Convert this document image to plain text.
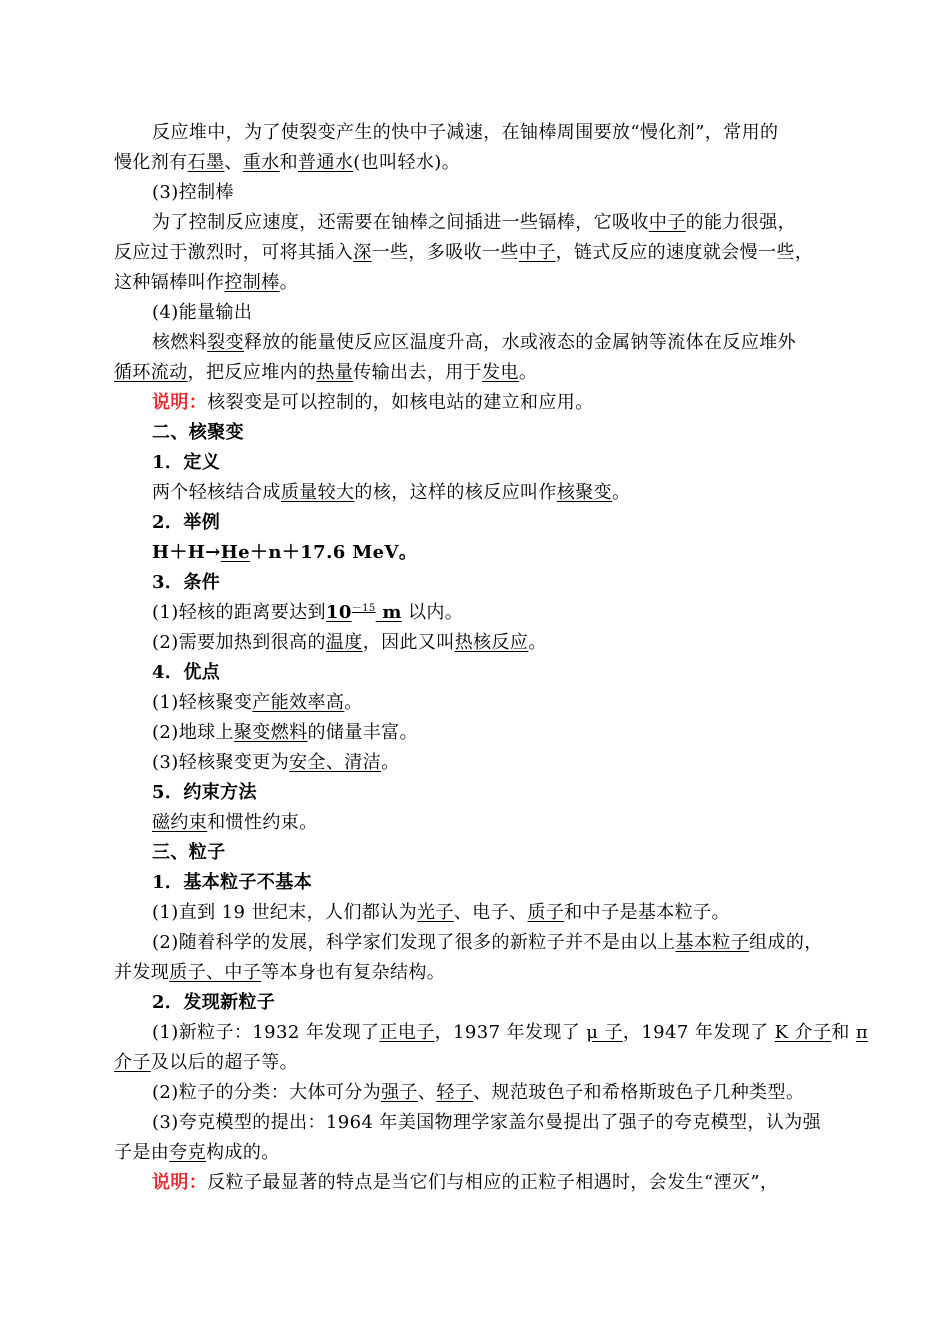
反应堆中，为了使裂变产生的快中子减速，在铀棒周围要放“慢化剂”，常用的
慢化剂有石墨、重水和普通水(也叫轻水)。
(3)控制棒
为了控制反应速度，还需要在铀棒之间插进一些镉棒，它吸收中子的能力很强，
反应过于激烈时，可将其插入深一些，多吸收一些中子，链式反应的速度就会慢一些，
这种镉棒叫作控制棒。
(4)能量输出
核燃料裂变释放的能量使反应区温度升高，水或液态的金属钠等流体在反应堆外
循环流动，把反应堆内的热量传输出去，用于发电。
说明：核裂变是可以控制的，如核电站的建立和应用。
二、核聚变
1．定义
两个轻核结合成质量较大的核，这样的核反应叫作核聚变。
2．举例
H＋H→He＋n＋17.6 MeV。
3．条件
(1)轻核的距离要达到$10^{-15}$ m 以内。
(2)需要加热到很高的温度，因此又叫热核反应。
4．优点
(1)轻核聚变产能效率高。
(2)地球上聚变燃料的储量丰富。
(3)轻核聚变更为安全、清洁。
5．约束方法
磁约束和惯性约束。
三、粒子
1．基本粒子不基本
(1)直到 19 世纪末，人们都认为光子、电子、质子和中子是基本粒子。
(2)随着科学的发展，科学家们发现了很多的新粒子并不是由以上基本粒子组成的，
并发现质子、中子等本身也有复杂结构。
2．发现新粒子
(1)新粒子：1932 年发现了正电子，1937 年发现了 μ 子，1947 年发现了 K 介子和 π
介子及以后的超子等。
(2)粒子的分类：大体可分为强子、轻子、规范玻色子和希格斯玻色子几种类型。
(3)夸克模型的提出：1964 年美国物理学家盖尔曼提出了强子的夸克模型，认为强
子是由夸克构成的。
说明：反粒子最显著的特点是当它们与相应的正粒子相遇时，会发生“湮灭”，
